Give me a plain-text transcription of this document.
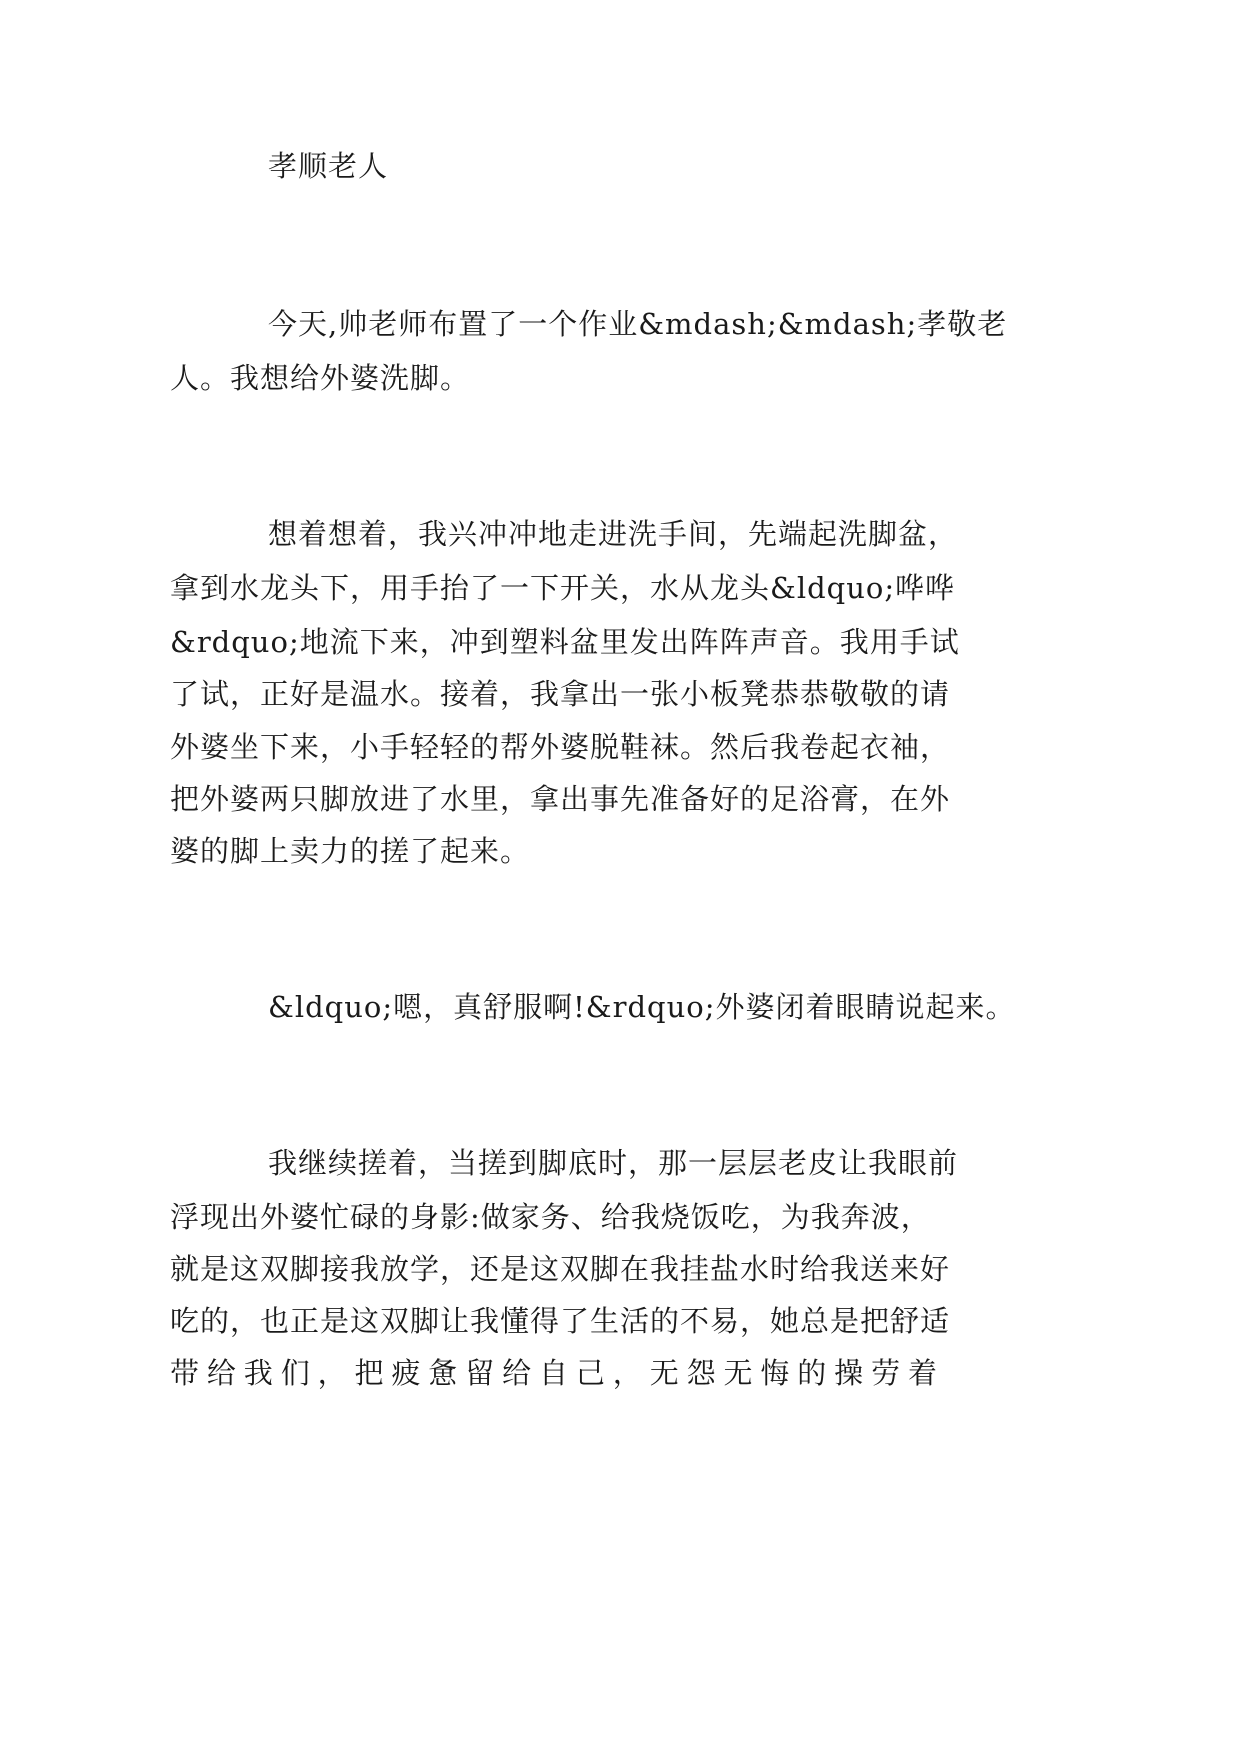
孝顺老人
今天,帅老师布置了一个作业&mdash;&mdash;孝敬老
人。我想给外婆洗脚。
想着想着，我兴冲冲地走进洗手间，先端起洗脚盆，
拿到水龙头下，用手抬了一下开关，水从龙头&ldquo;哗哗
&rdquo;地流下来，冲到塑料盆里发出阵阵声音。我用手试
了试，正好是温水。接着，我拿出一张小板凳恭恭敬敬的请
外婆坐下来，小手轻轻的帮外婆脱鞋袜。然后我卷起衣袖，
把外婆两只脚放进了水里，拿出事先准备好的足浴膏，在外
婆的脚上卖力的搓了起来。
&ldquo;嗯，真舒服啊!&rdquo;外婆闭着眼睛说起来。
我继续搓着，当搓到脚底时，那一层层老皮让我眼前
浮现出外婆忙碌的身影:做家务、给我烧饭吃，为我奔波，
就是这双脚接我放学，还是这双脚在我挂盐水时给我送来好
吃的，也正是这双脚让我懂得了生活的不易，她总是把舒适
带给我们，把疲惫留给自己，无怨无悔的操劳着
